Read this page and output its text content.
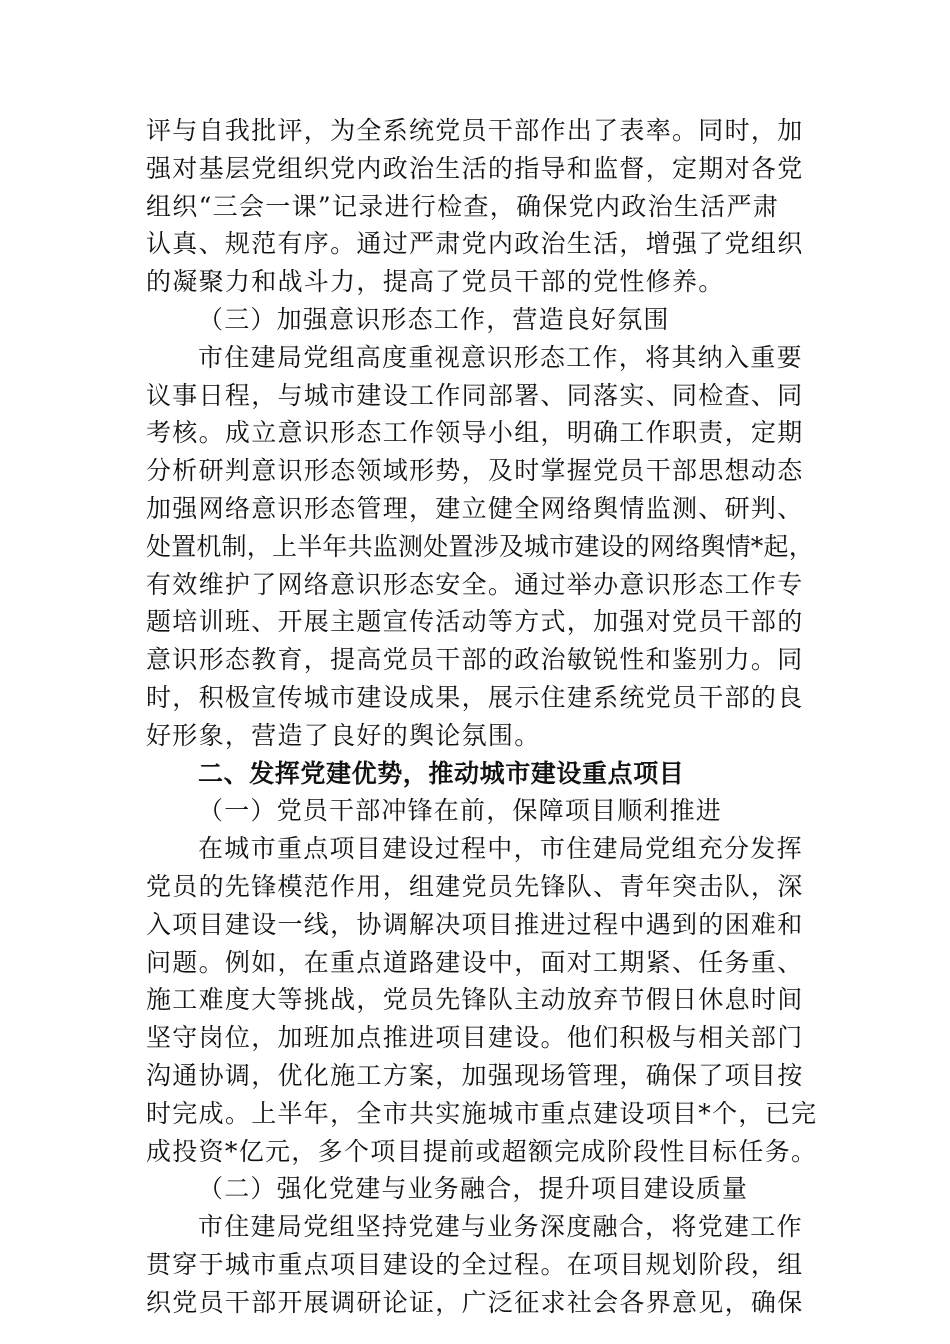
评与自我批评，为全系统党员干部作出了表率。同时，加
强对基层党组织党内政治生活的指导和监督，定期对各党
组织“三会一课”记录进行检查，确保党内政治生活严肃
认真、规范有序。通过严肃党内政治生活，增强了党组织
的凝聚力和战斗力，提高了党员干部的党性修养。
（三）加强意识形态工作，营造良好氛围
市住建局党组高度重视意识形态工作，将其纳入重要
议事日程，与城市建设工作同部署、同落实、同检查、同
考核。成立意识形态工作领导小组，明确工作职责，定期
分析研判意识形态领域形势，及时掌握党员干部思想动态
加强网络意识形态管理，建立健全网络舆情监测、研判、
处置机制，上半年共监测处置涉及城市建设的网络舆情*起，
有效维护了网络意识形态安全。通过举办意识形态工作专
题培训班、开展主题宣传活动等方式，加强对党员干部的
意识形态教育，提高党员干部的政治敏锐性和鉴别力。同
时，积极宣传城市建设成果，展示住建系统党员干部的良
好形象，营造了良好的舆论氛围。
二、发挥党建优势，推动城市建设重点项目
（一）党员干部冲锋在前，保障项目顺利推进
在城市重点项目建设过程中，市住建局党组充分发挥
党员的先锋模范作用，组建党员先锋队、青年突击队，深
入项目建设一线，协调解决项目推进过程中遇到的困难和
问题。例如，在重点道路建设中，面对工期紧、任务重、
施工难度大等挑战，党员先锋队主动放弃节假日休息时间
坚守岗位，加班加点推进项目建设。他们积极与相关部门
沟通协调，优化施工方案，加强现场管理，确保了项目按
时完成。上半年，全市共实施城市重点建设项目*个，已完
成投资*亿元，多个项目提前或超额完成阶段性目标任务。
（二）强化党建与业务融合，提升项目建设质量
市住建局党组坚持党建与业务深度融合，将党建工作
贯穿于城市重点项目建设的全过程。在项目规划阶段，组
织党员干部开展调研论证，广泛征求社会各界意见，确保
